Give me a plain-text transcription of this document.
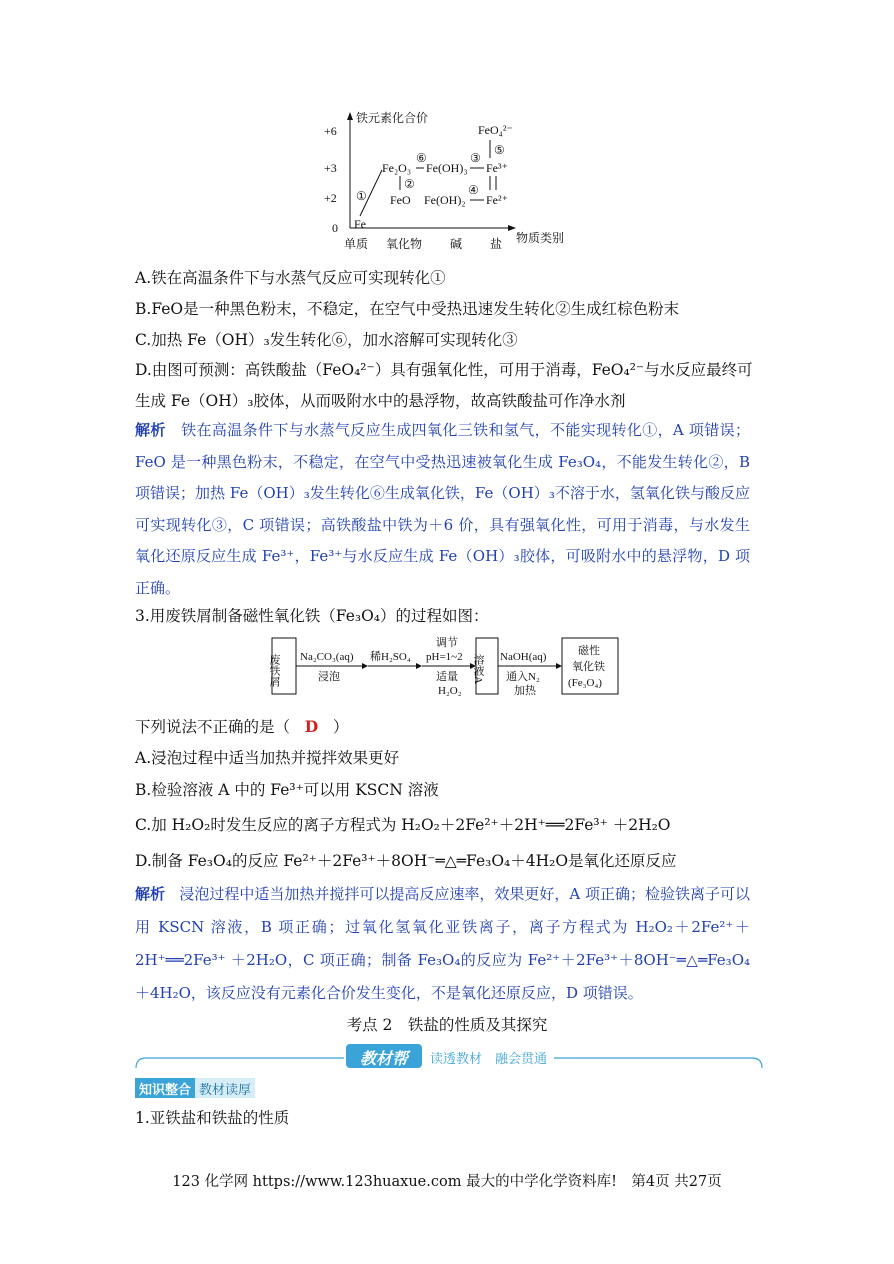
铁元素化合价
物质类别
+6
+3
+2
0
单质 氧化物 碱 盐
Fe
FeO
Fe₂O₃ Fe(OH)₃
Fe(OH)₂
Fe³⁺
Fe²⁺
FeO₄²⁻
①
②
⑥	③
④
⑤
A.铁在高温条件下与水蒸气反应可实现转化①
B.FeO是一种黑色粉末，不稳定，在空气中受热迅速发生转化②生成红棕色粉末
C.加热 Fe（OH）₃发生转化⑥，加水溶解可实现转化③
D.由图可预测：高铁酸盐（FeO₄²⁻）具有强氧化性，可用于消毒，FeO₄²⁻与水反应最终可
生成 Fe（OH）₃胶体，从而吸附水中的悬浮物，故高铁酸盐可作净水剂
解析 铁在高温条件下与水蒸气反应生成四氧化三铁和氢气，不能实现转化①，A 项错误；FeO 是一种黑色粉末，不稳定，在空气中受热迅速被氧化生成 Fe₃O₄，不能发生转化②，B 项错误；加热 Fe（OH）₃发生转化⑥生成氧化铁，Fe（OH）₃不溶于水，氢氧化铁与酸反应可实现转化③，C 项错误；高铁酸盐中铁为＋6 价，具有强氧化性，可用于消毒，与水发生氧化还原反应生成 Fe³⁺，Fe³⁺与水反应生成 Fe（OH）₃胶体，可吸附水中的悬浮物，D 项正确。
3.用废铁屑制备磁性氧化铁（Fe₃O₄）的过程如图：
废铁屑 Na₂CO₃(aq)
浸泡
稀H₂SO₄
调节
pH=1~2
适量
H₂O₂
溶液A NaOH(aq)
通入N₂
加热
磁性
氧化铁
(Fe₃O₄)
下列说法不正确的是（ D ）
A.浸泡过程中适当加热并搅拌效果更好
B.检验溶液 A 中的 Fe³⁺可以用 KSCN 溶液
C.加 H₂O₂时发生反应的离子方程式为 H₂O₂＋2Fe²⁺＋2H⁺══2Fe³⁺ ＋2H₂O
D.制备 Fe₃O₄的反应 Fe²⁺＋2Fe³⁺＋8OH⁻═△═Fe₃O₄＋4H₂O是氧化还原反应
解析 浸泡过程中适当加热并搅拌可以提高反应速率，效果更好，A 项正确；检验铁离子可以用 KSCN 溶液，B 项正确；过氧化氢氧化亚铁离子，离子方程式为 H₂O₂＋2Fe²⁺＋2H⁺══2Fe³⁺ ＋2H₂O，C 项正确；制备 Fe₃O₄的反应为 Fe²⁺＋2Fe³⁺＋8OH⁻═△═Fe₃O₄＋4H₂O，该反应没有元素化合价发生变化，不是氧化还原反应，D 项错误。
考点 2　铁盐的性质及其探究
教材帮	读透教材　融会贯通
知识整合 教材读厚
1.亚铁盐和铁盐的性质
123 化学网 https://www.123huaxue.com 最大的中学化学资料库!　第4页 共27页
